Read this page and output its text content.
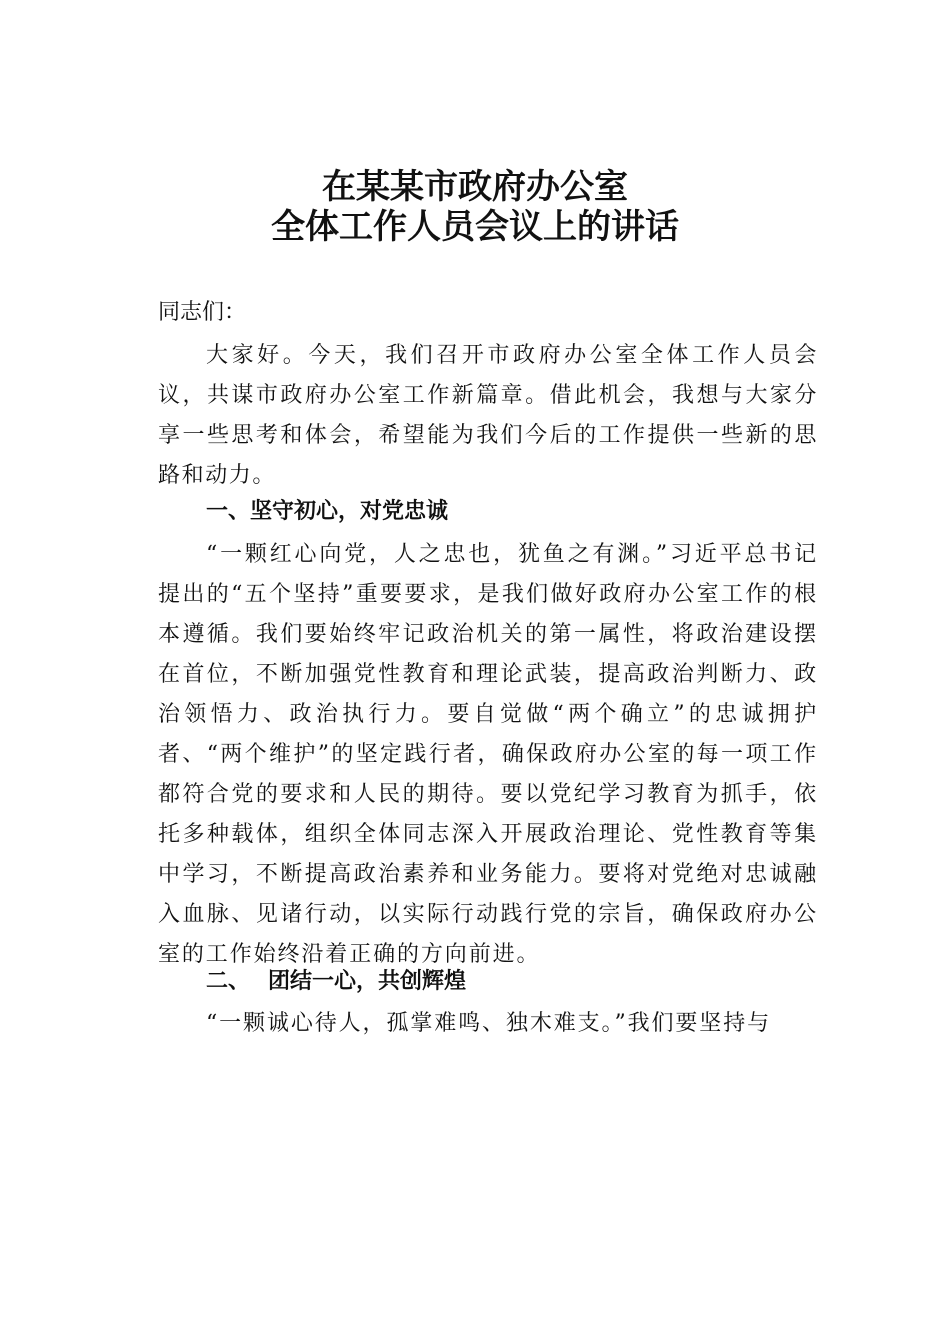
在某某市政府办公室
全体工作人员会议上的讲话

同志们：

大家好。今天，我们召开市政府办公室全体工作人员会议，共谋市政府办公室工作新篇章。借此机会，我想与大家分享一些思考和体会，希望能为我们今后的工作提供一些新的思路和动力。

一、坚守初心，对党忠诚

“一颗红心向党，人之忠也，犹鱼之有渊。”习近平总书记提出的“五个坚持”重要要求，是我们做好政府办公室工作的根本遵循。我们要始终牢记政治机关的第一属性，将政治建设摆在首位，不断加强党性教育和理论武装，提高政治判断力、政治领悟力、政治执行力。要自觉做“两个确立”的忠诚拥护者、“两个维护”的坚定践行者，确保政府办公室的每一项工作都符合党的要求和人民的期待。要以党纪学习教育为抓手，依托多种载体，组织全体同志深入开展政治理论、党性教育等集中学习，不断提高政治素养和业务能力。要将对党绝对忠诚融入血脉、见诸行动，以实际行动践行党的宗旨，确保政府办公室的工作始终沿着正确的方向前进。

二、 团结一心，共创辉煌

“一颗诚心待人，孤掌难鸣、独木难支。”我们要坚持与
